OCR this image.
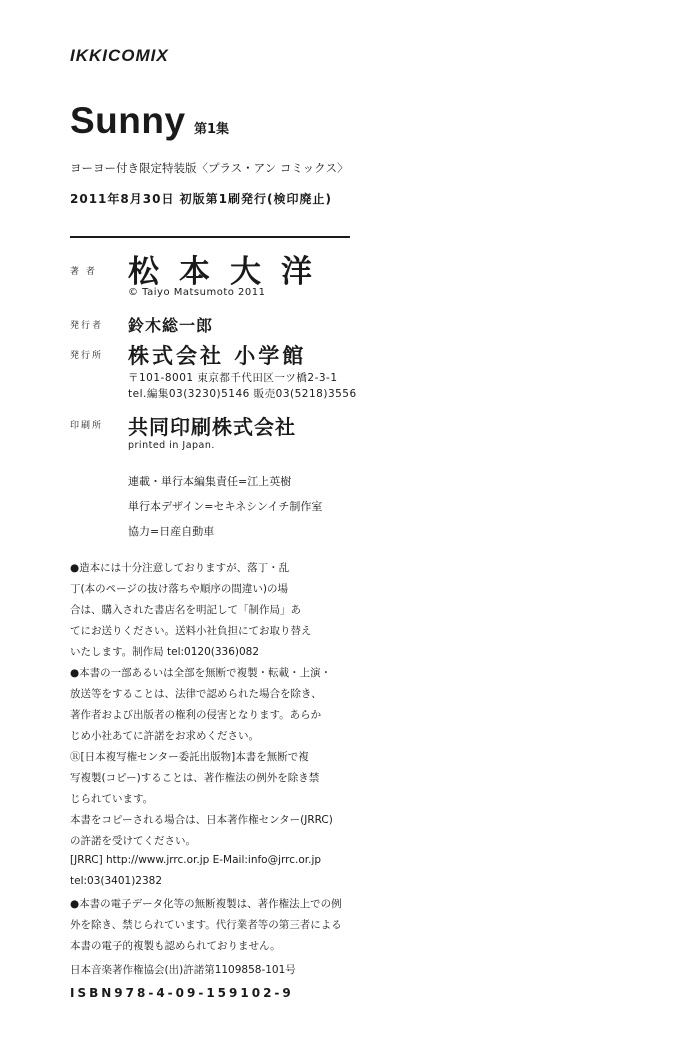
IKKICOMIX
Sunny 第1集
ヨーヨー付き限定特装版〈プラス・アン コミックス〉
2011年8月30日 初版第1刷発行(検印廃止)
著 者 松本大洋
© Taiyo Matsumoto 2011
発行者 鈴木総一郎
発行所 株式会社 小学館
〒101-8001 東京都千代田区一ツ橋2-3-1
tel.編集03(3230)5146 販売03(5218)3556
印刷所 共同印刷株式会社
printed in Japan.
連載・単行本編集責任=江上英樹
単行本デザイン=セキネシンイチ制作室
協力=日産自動車
●造本には十分注意しておりますが、落丁・乱
丁(本のページの抜け落ちや順序の間違い)の場
合は、購入された書店名を明記して「制作局」あ
てにお送りください。送料小社負担にてお取り替え
いたします。制作局 tel:0120(336)082
●本書の一部あるいは全部を無断で複製・転載・上演・
放送等をすることは、法律で認められた場合を除き、
著作者および出版者の権利の侵害となります。あらか
じめ小社あてに許諾をお求めください。
Ⓡ[日本複写権センター委託出版物]本書を無断で複
写複製(コピー)することは、著作権法の例外を除き禁
じられています。
本書をコピーされる場合は、日本著作権センター(JRRC)
の許諾を受けてください。
[JRRC] http://www.jrrc.or.jp E-Mail:info@jrrc.or.jp
tel:03(3401)2382
●本書の電子データ化等の無断複製は、著作権法上での例
外を除き、禁じられています。代行業者等の第三者による
本書の電子的複製も認められておりません。
日本音楽著作権協会(出)許諾第1109858-101号
ISBN978-4-09-159102-9
